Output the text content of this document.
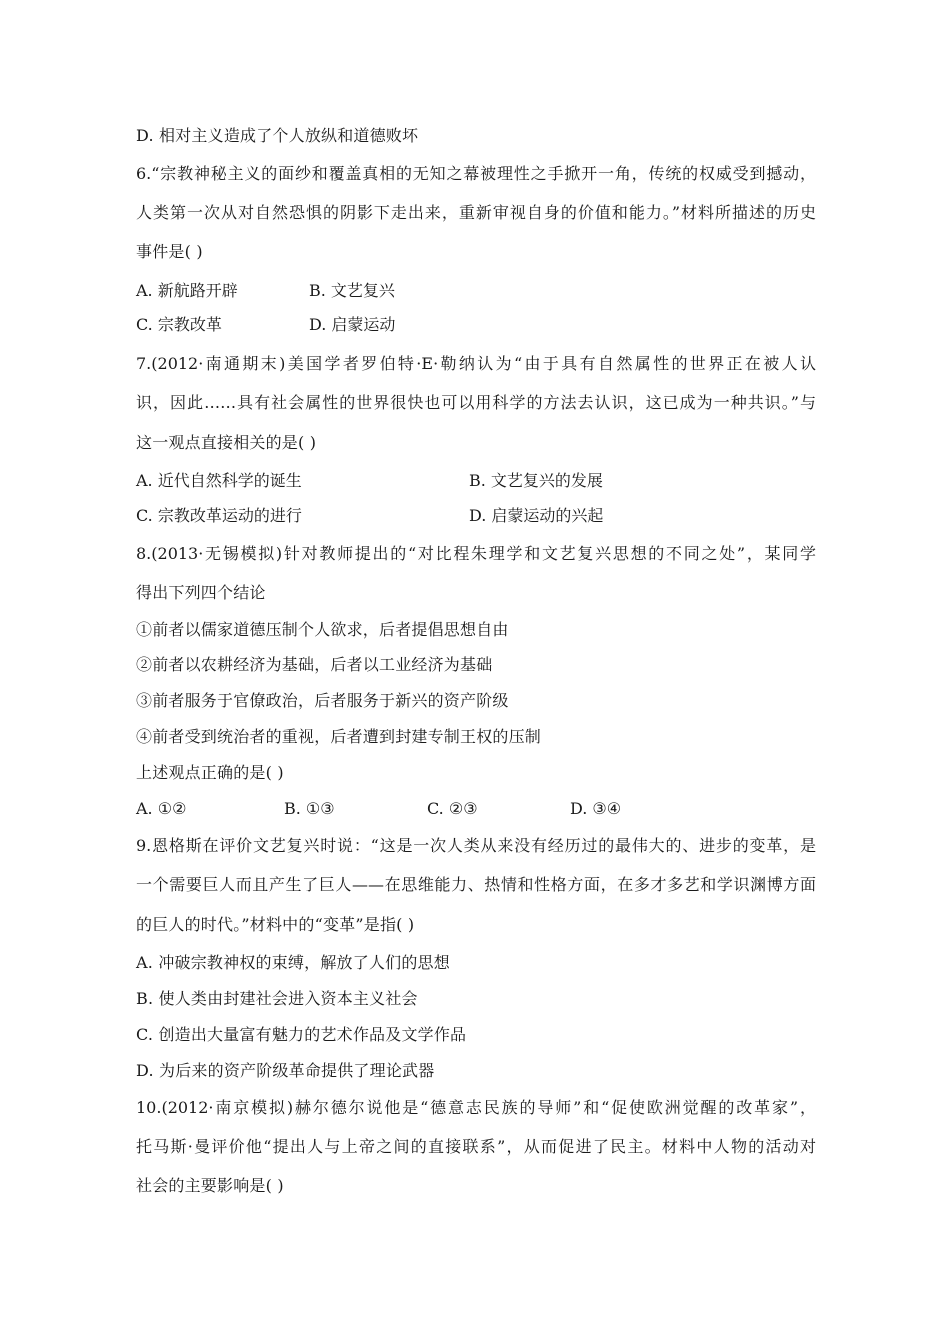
D. 相对主义造成了个人放纵和道德败坏
6.“宗教神秘主义的面纱和覆盖真相的无知之幕被理性之手掀开一角，传统的权威受到撼动，
人类第一次从对自然恐惧的阴影下走出来，重新审视自身的价值和能力。”材料所描述的历史
事件是( )
A. 新航路开辟	B. 文艺复兴
C. 宗教改革	D. 启蒙运动
7.(2012·南通期末)美国学者罗伯特·E·勒纳认为“由于具有自然属性的世界正在被人认
识，因此……具有社会属性的世界很快也可以用科学的方法去认识，这已成为一种共识。”与
这一观点直接相关的是( )
A. 近代自然科学的诞生	B. 文艺复兴的发展
C. 宗教改革运动的进行	D. 启蒙运动的兴起
8.(2013·无锡模拟)针对教师提出的“对比程朱理学和文艺复兴思想的不同之处”，某同学
得出下列四个结论
①前者以儒家道德压制个人欲求，后者提倡思想自由
②前者以农耕经济为基础，后者以工业经济为基础
③前者服务于官僚政治，后者服务于新兴的资产阶级
④前者受到统治者的重视，后者遭到封建专制王权的压制
上述观点正确的是( )
A. ①②	B. ①③	C. ②③	D. ③④
9.恩格斯在评价文艺复兴时说：“这是一次人类从来没有经历过的最伟大的、进步的变革，是
一个需要巨人而且产生了巨人——在思维能力、热情和性格方面，在多才多艺和学识渊博方面
的巨人的时代。”材料中的“变革”是指( )
A. 冲破宗教神权的束缚，解放了人们的思想
B. 使人类由封建社会进入资本主义社会
C. 创造出大量富有魅力的艺术作品及文学作品
D. 为后来的资产阶级革命提供了理论武器
10.(2012·南京模拟)赫尔德尔说他是“德意志民族的导师”和“促使欧洲觉醒的改革家”，
托马斯·曼评价他“提出人与上帝之间的直接联系”，从而促进了民主。材料中人物的活动对
社会的主要影响是( )
